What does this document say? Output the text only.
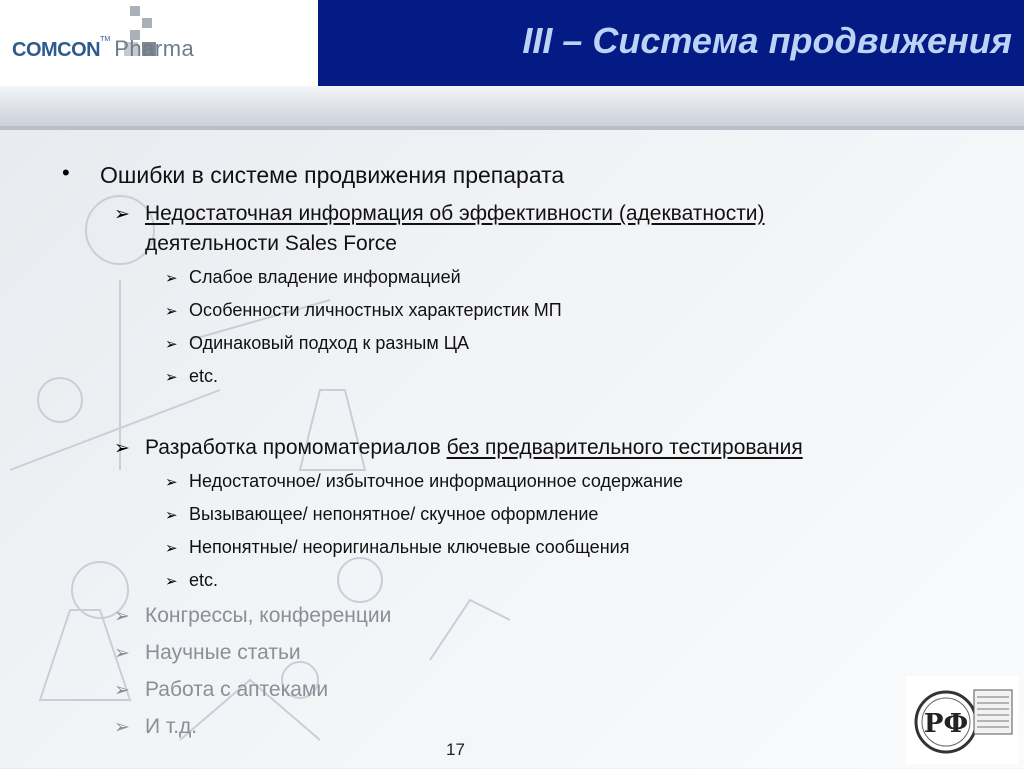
COMCON™ Pharma	III – Система продвижения
• Ошибки в системе продвижения препарата

➢ Недостаточная информация об эффективности (адекватности)

деятельности Sales Force

➢ Слабое владение информацией

➢ Особенности личностных характеристик МП

➢ Одинаковый подход к разным ЦА

➢ etc.

➢ Разработка промоматериалов без предварительного тестирования

➢ Недостаточное/ избыточное информационное содержание

➢ Вызывающее/ непонятное/ скучное оформление

➢ Непонятные/ неоригинальные ключевые сообщения

➢ etc.

➢ Конгрессы, конференции

➢ Научные статьи

➢ Работа с аптеками

➢ И т.д.

17
РФ
